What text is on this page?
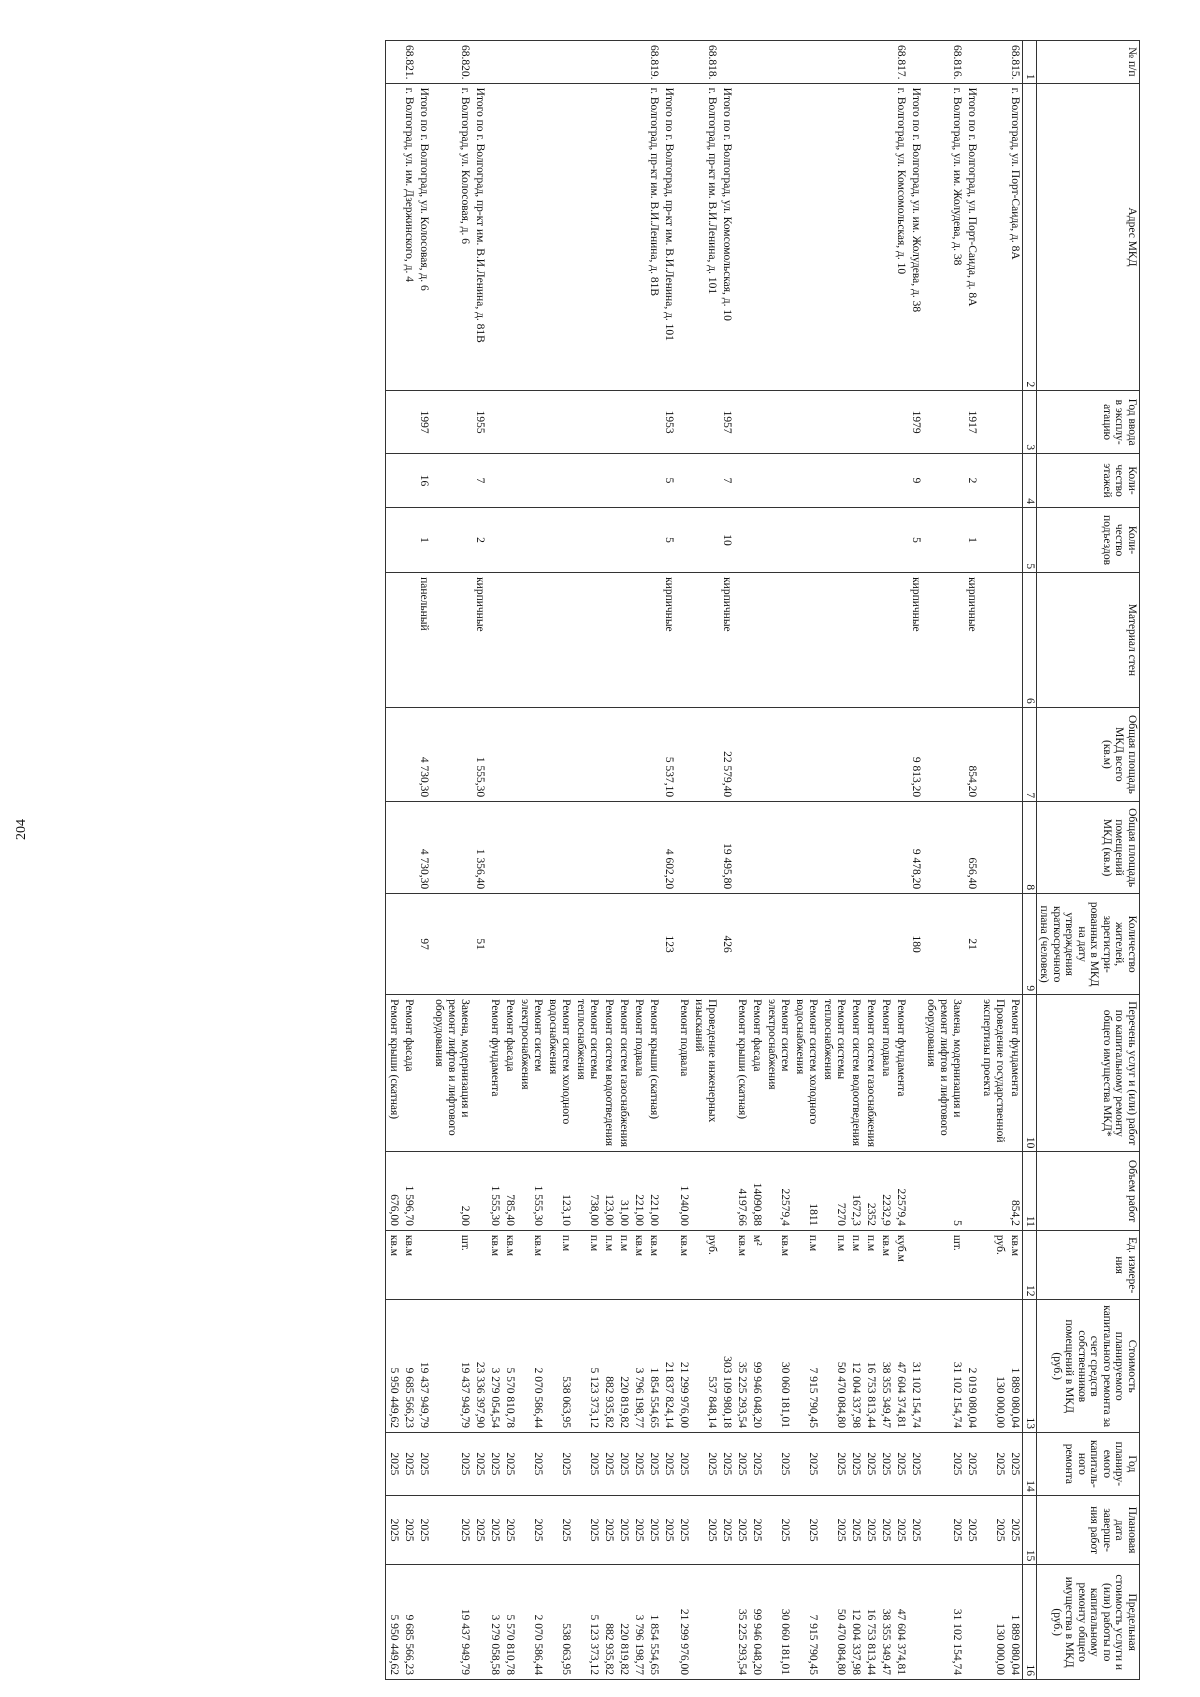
204
№ п/п	Адрес МКД	Год ввода в эксплу-атацию	Коли-чество этажей	Коли-чество подъездов	Материал стен	Общая площадь МКД всего (кв.м)	Общая площадь помещений МКД (кв.м)	Количество жителей, зарегистри-рованных в МКД на дату утверждения краткосрочного плана (человек)	Перечень услуг и (или) работ по капитальному ремонту общего имущества МКД*	Объем работ	Ед. измере-ния	Стоимость планируемого капитального ремонта за счет средств собственников помещений в МКД (руб.)	Год планиру-емого капиталь-ного ремонта	Плановая дата заверше-ния работ	Предельная стоимость услуги и (или) работы по капитальному ремонту общего имущества в МКД (руб.)
1	2	3	4	5	6	7	8	9	10	11	12	13	14	15	16
68.815.	г. Волгоград, ул. Порт-Саида, д. 8А								Ремонт фундамента	854,2	кв.м	1 889 080,04	2025	2025	1 889 080,04
									Проведение государственной экспертизы проекта		руб.	130 000,00	2025	2025	130 000,00
	Итого по г. Волгоград, ул. Порт-Саида, д. 8А	1917	2	1	кирпичные	854,20	656,40	21				2 019 080,04	2025	2025	
68.816.	г. Волгоград, ул. им. Жолудева, д. 38								Замена, модернизация и ремонт лифтов и лифтового оборудования	5	шт.	31 102 154,74	2025	2025	31 102 154,74
	Итого по г. Волгоград, ул. им. Жолудева, д. 38	1979	9	5	кирпичные	9 813,20	9 478,20	180				31 102 154,74	2025	2025	
68.817.	г. Волгоград, ул. Комсомольская, д. 10								Ремонт фундамента	22579,4	куб.м	47 604 374,81	2025	2025	47 604 374,81
									Ремонт подвала	2232,9	кв.м	38 355 349,47	2025	2025	38 355 349,47
									Ремонт систем газоснабжения	2352	п.м	16 753 813,44	2025	2025	16 753 813,44
									Ремонт систем водоотведения	1672,3	п.м	12 004 337,98	2025	2025	12 004 337,98
									Ремонт системы теплоснабжения	7270	п.м	50 470 084,80	2025	2025	50 470 084,80
									Ремонт систем холодного водоснабжения	1811	п.м	7 915 790,45	2025	2025	7 915 790,45
									Ремонт систем электроснабжения	22579,4	кв.м	30 060 181,01	2025	2025	30 060 181,01
									Ремонт фасада	14090,88	м²	99 946 048,20	2025	2025	99 946 048,20
									Ремонт крыши (скатная)	4197,66	кв.м	35 225 293,54	2025	2025	35 225 293,54
	Итого по г. Волгоград, ул. Комсомольская, д. 10	1957	7	10	кирпичные	22 579,40	19 495,80	426				303 109 980,18	2025	2025	
68.818.	г. Волгоград, пр-кт им. В.И.Ленина, д. 101								Проведение инженерных изысканий		руб.	537 848,14	2025	2025	
									Ремонт подвала	1 240,00	кв.м	21 299 976,00	2025	2025	21 299 976,00
	Итого по г. Волгоград, пр-кт им. В.И.Ленина, д. 101	1953	5	5	кирпичные	5 537,10	4 602,20	123				21 837 824,14	2025	2025	
68.819.	г. Волгоград, пр-кт им. В.И.Ленина, д. 81В								Ремонт крыши (скатная)	221,00	кв.м	1 854 554,65	2025	2025	1 854 554,65
									Ремонт подвала	221,00	кв.м	3 796 198,77	2025	2025	3 796 198,77
									Ремонт систем газоснабжения	31,00	п.м	220 819,82	2025	2025	220 819,82
									Ремонт систем водоотведения	123,00	п.м	882 935,82	2025	2025	882 935,82
									Ремонт системы теплоснабжения	738,00	п.м	5 123 373,12	2025	2025	5 123 373,12
									Ремонт систем холодного водоснабжения	123,10	п.м	538 063,95	2025	2025	538 063,95
									Ремонт систем электроснабжения	1 555,30	кв.м	2 070 586,44	2025	2025	2 070 586,44
									Ремонт фасада	785,40	кв.м	5 570 810,78	2025	2025	5 570 810,78
									Ремонт фундамента	1 555,30	кв.м	3 279 054,54	2025	2025	3 279 058,58
	Итого по г. Волгоград, пр-кт им. В.И.Ленина, д. 81В	1955	7	2	кирпичные	1 555,30	1 356,40	51				23 336 397,90	2025	2025	
68.820.	г. Волгоград, ул. Колосовая, д. 6								Замена, модернизация и ремонт лифтов и лифтового оборудования	2,00	шт.	19 437 949,79	2025	2025	19 437 949,79
	Итого по г. Волгоград, ул. Колосовая, д. 6	1997	16	1	панельный	4 730,30	4 730,30	97				19 437 949,79	2025	2025	
68.821.	г. Волгоград, ул. им. Дзержинского, д. 4								Ремонт фасада	1 596,70	кв.м	9 685 566,23	2025	2025	9 685 566,23
									Ремонт крыши (скатная)	676,00	кв.м	5 950 449,62	2025	2025	5 950 449,62
